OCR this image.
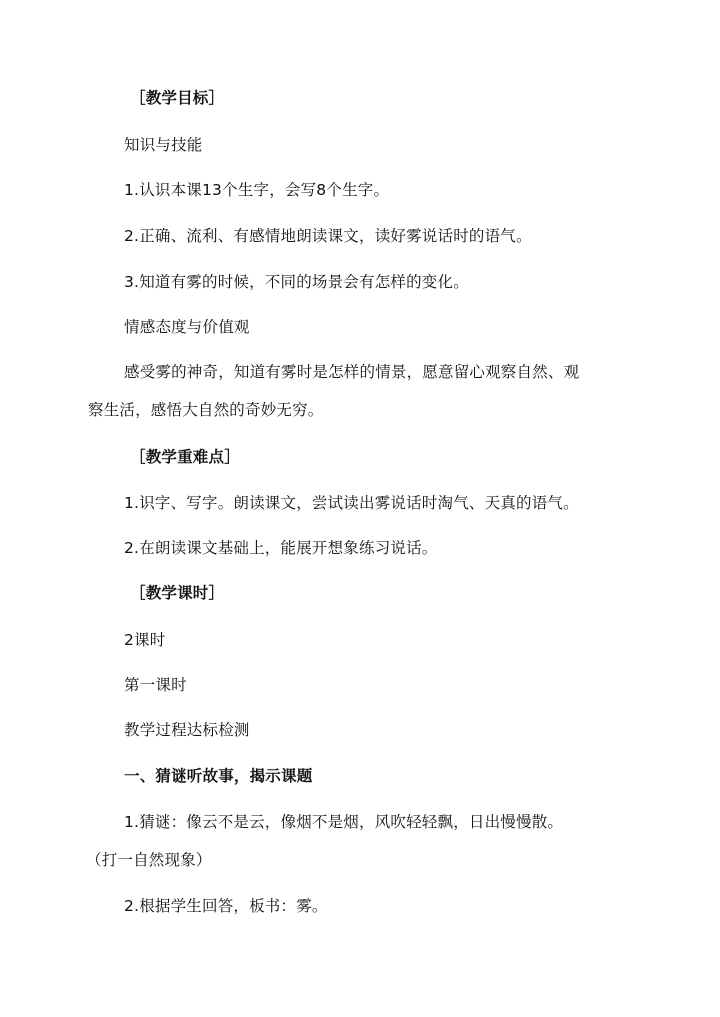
［教学目标］
知识与技能
1.认识本课13个生字，会写8个生字。
2.正确、流利、有感情地朗读课文，读好雾说话时的语气。
3.知道有雾的时候，不同的场景会有怎样的变化。
情感态度与价值观
感受雾的神奇，知道有雾时是怎样的情景，愿意留心观察自然、观
察生活，感悟大自然的奇妙无穷。
［教学重难点］
1.识字、写字。朗读课文，尝试读出雾说话时淘气、天真的语气。
2.在朗读课文基础上，能展开想象练习说话。
［教学课时］
2课时
第一课时
教学过程达标检测
一、猜谜听故事，揭示课题
1.猜谜：像云不是云，像烟不是烟，风吹轻轻飘，日出慢慢散。
（打一自然现象）
2.根据学生回答，板书：雾。
